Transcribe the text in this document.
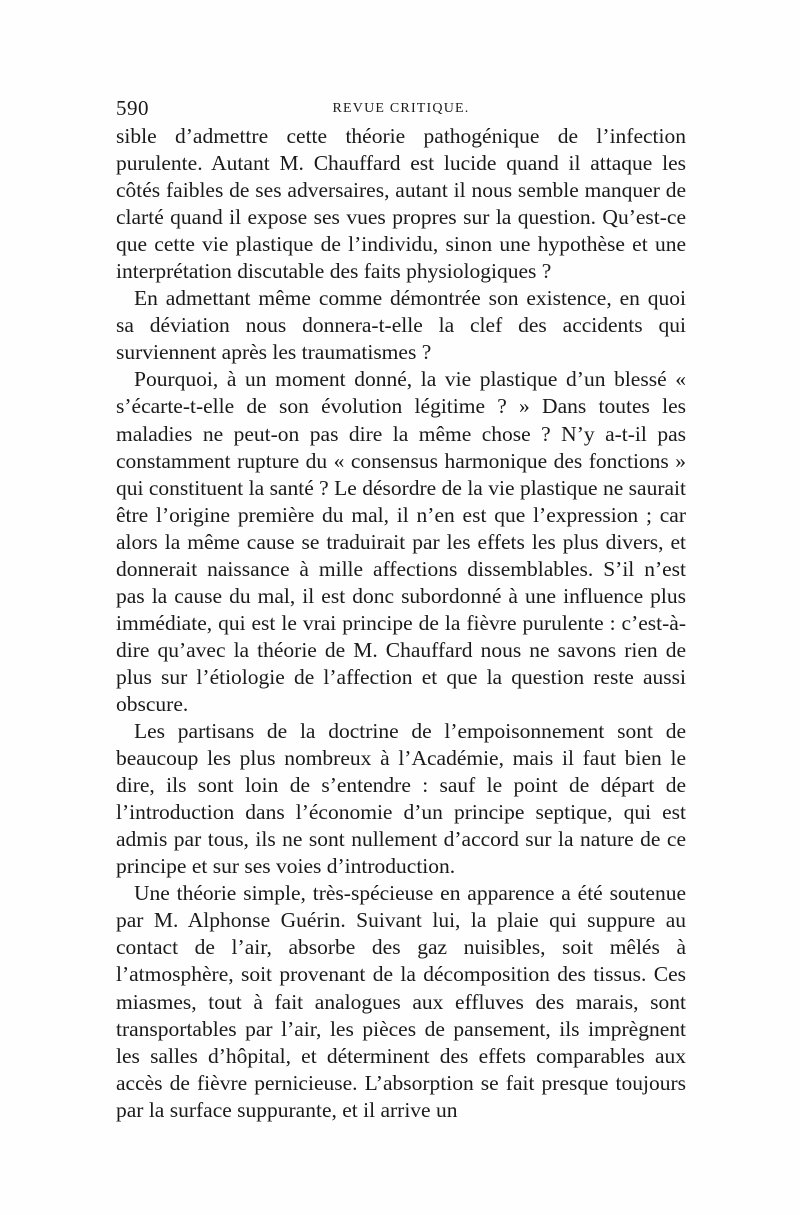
590	REVUE CRITIQUE.

sible d’admettre cette théorie pathogénique de l’infection purulente. Autant M. Chauffard est lucide quand il attaque les côtés faibles de ses adversaires, autant il nous semble manquer de clarté quand il expose ses vues propres sur la question. Qu’est-ce que cette vie plastique de l’individu, sinon une hypothèse et une interprétation discutable des faits physiologiques ?

En admettant même comme démontrée son existence, en quoi sa déviation nous donnera-t-elle la clef des accidents qui surviennent après les traumatismes ?

Pourquoi, à un moment donné, la vie plastique d’un blessé « s’écarte-t-elle de son évolution légitime ? » Dans toutes les maladies ne peut-on pas dire la même chose ? N’y a-t-il pas constamment rupture du « consensus harmonique des fonctions » qui constituent la santé ? Le désordre de la vie plastique ne saurait être l’origine première du mal, il n’en est que l’expression ; car alors la même cause se traduirait par les effets les plus divers, et donnerait naissance à mille affections dissemblables. S’il n’est pas la cause du mal, il est donc subordonné à une influence plus immédiate, qui est le vrai principe de la fièvre purulente : c’est-à-dire qu’avec la théorie de M. Chauffard nous ne savons rien de plus sur l’étiologie de l’affection et que la question reste aussi obscure.

Les partisans de la doctrine de l’empoisonnement sont de beaucoup les plus nombreux à l’Académie, mais il faut bien le dire, ils sont loin de s’entendre : sauf le point de départ de l’introduction dans l’économie d’un principe septique, qui est admis par tous, ils ne sont nullement d’accord sur la nature de ce principe et sur ses voies d’introduction.

Une théorie simple, très-spécieuse en apparence a été soutenue par M. Alphonse Guérin. Suivant lui, la plaie qui suppure au contact de l’air, absorbe des gaz nuisibles, soit mêlés à l’atmosphère, soit provenant de la décomposition des tissus. Ces miasmes, tout à fait analogues aux effluves des marais, sont transportables par l’air, les pièces de pansement, ils imprègnent les salles d’hôpital, et déterminent des effets comparables aux accès de fièvre pernicieuse. L’absorption se fait presque toujours par la surface suppurante, et il arrive un
